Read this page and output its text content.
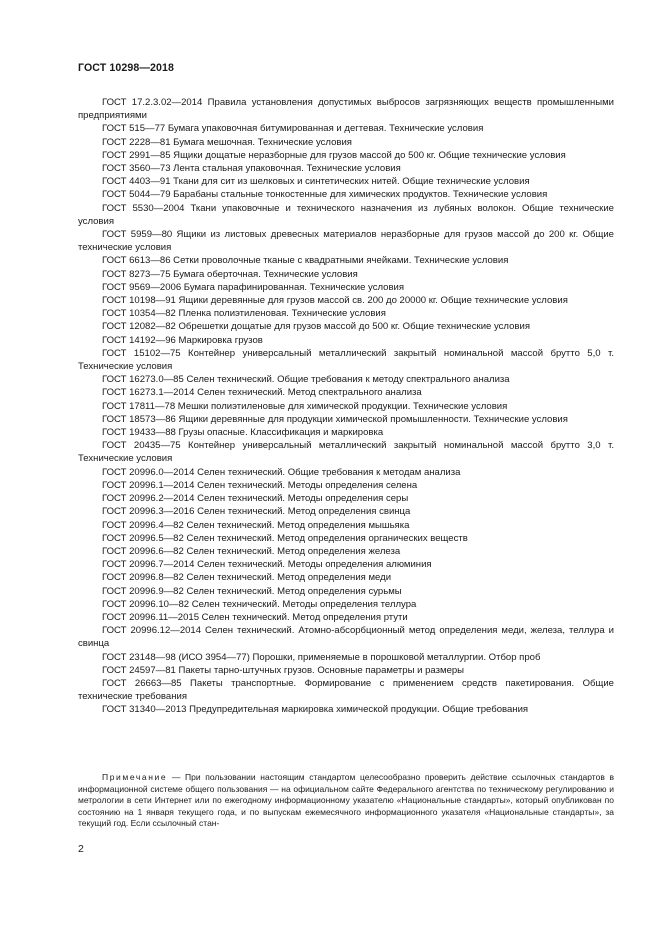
ГОСТ 10298—2018

ГОСТ 17.2.3.02—2014 Правила установления допустимых выбросов загрязняющих веществ промышленными предприятиями

ГОСТ 515—77 Бумага упаковочная битумированная и дегтевая. Технические условия

ГОСТ 2228—81 Бумага мешочная. Технические условия

ГОСТ 2991—85 Ящики дощатые неразборные для грузов массой до 500 кг. Общие технические условия

ГОСТ 3560—73 Лента стальная упаковочная. Технические условия

ГОСТ 4403—91 Ткани для сит из шелковых и синтетических нитей. Общие технические условия

ГОСТ 5044—79 Барабаны стальные тонкостенные для химических продуктов. Технические условия

ГОСТ 5530—2004 Ткани упаковочные и технического назначения из лубяных волокон. Общие технические условия

ГОСТ 5959—80 Ящики из листовых древесных материалов неразборные для грузов массой до 200 кг. Общие технические условия

ГОСТ 6613—86 Сетки проволочные тканые с квадратными ячейками. Технические условия

ГОСТ 8273—75 Бумага оберточная. Технические условия

ГОСТ 9569—2006 Бумага парафинированная. Технические условия

ГОСТ 10198—91 Ящики деревянные для грузов массой св. 200 до 20000 кг. Общие технические условия

ГОСТ 10354—82 Пленка полиэтиленовая. Технические условия

ГОСТ 12082—82 Обрешетки дощатые для грузов массой до 500 кг. Общие технические условия

ГОСТ 14192—96 Маркировка грузов

ГОСТ 15102—75 Контейнер универсальный металлический закрытый номинальной массой брутто 5,0 т. Технические условия

ГОСТ 16273.0—85 Селен технический. Общие требования к методу спектрального анализа

ГОСТ 16273.1—2014 Селен технический. Метод спектрального анализа

ГОСТ 17811—78 Мешки полиэтиленовые для химической продукции. Технические условия

ГОСТ 18573—86 Ящики деревянные для продукции химической промышленности. Технические условия

ГОСТ 19433—88 Грузы опасные. Классификация и маркировка

ГОСТ 20435—75 Контейнер универсальный металлический закрытый номинальной массой брутто 3,0 т. Технические условия

ГОСТ 20996.0—2014 Селен технический. Общие требования к методам анализа

ГОСТ 20996.1—2014 Селен технический. Методы определения селена

ГОСТ 20996.2—2014 Селен технический. Методы определения серы

ГОСТ 20996.3—2016 Селен технический. Метод определения свинца

ГОСТ 20996.4—82 Селен технический. Метод определения мышьяка

ГОСТ 20996.5—82 Селен технический. Метод определения органических веществ

ГОСТ 20996.6—82 Селен технический. Метод определения железа

ГОСТ 20996.7—2014 Селен технический. Методы определения алюминия

ГОСТ 20996.8—82 Селен технический. Метод определения меди

ГОСТ 20996.9—82 Селен технический. Метод определения сурьмы

ГОСТ 20996.10—82 Селен технический. Методы определения теллура

ГОСТ 20996.11—2015 Селен технический. Метод определения ртути

ГОСТ 20996.12—2014 Селен технический. Атомно-абсорбционный метод определения меди, железа, теллура и свинца

ГОСТ 23148—98 (ИСО 3954—77) Порошки, применяемые в порошковой металлургии. Отбор проб

ГОСТ 24597—81 Пакеты тарно-штучных грузов. Основные параметры и размеры

ГОСТ 26663—85 Пакеты транспортные. Формирование с применением средств пакетирования. Общие технические требования

ГОСТ 31340—2013 Предупредительная маркировка химической продукции. Общие требования

Примечание — При пользовании настоящим стандартом целесообразно проверить действие ссылочных стандартов в информационной системе общего пользования — на официальном сайте Федерального агентства по техническому регулированию и метрологии в сети Интернет или по ежегодному информационному указателю «Национальные стандарты», который опубликован по состоянию на 1 января текущего года, и по выпускам ежемесячного информационного указателя «Национальные стандарты», за текущий год. Если ссылочный стан-

2
